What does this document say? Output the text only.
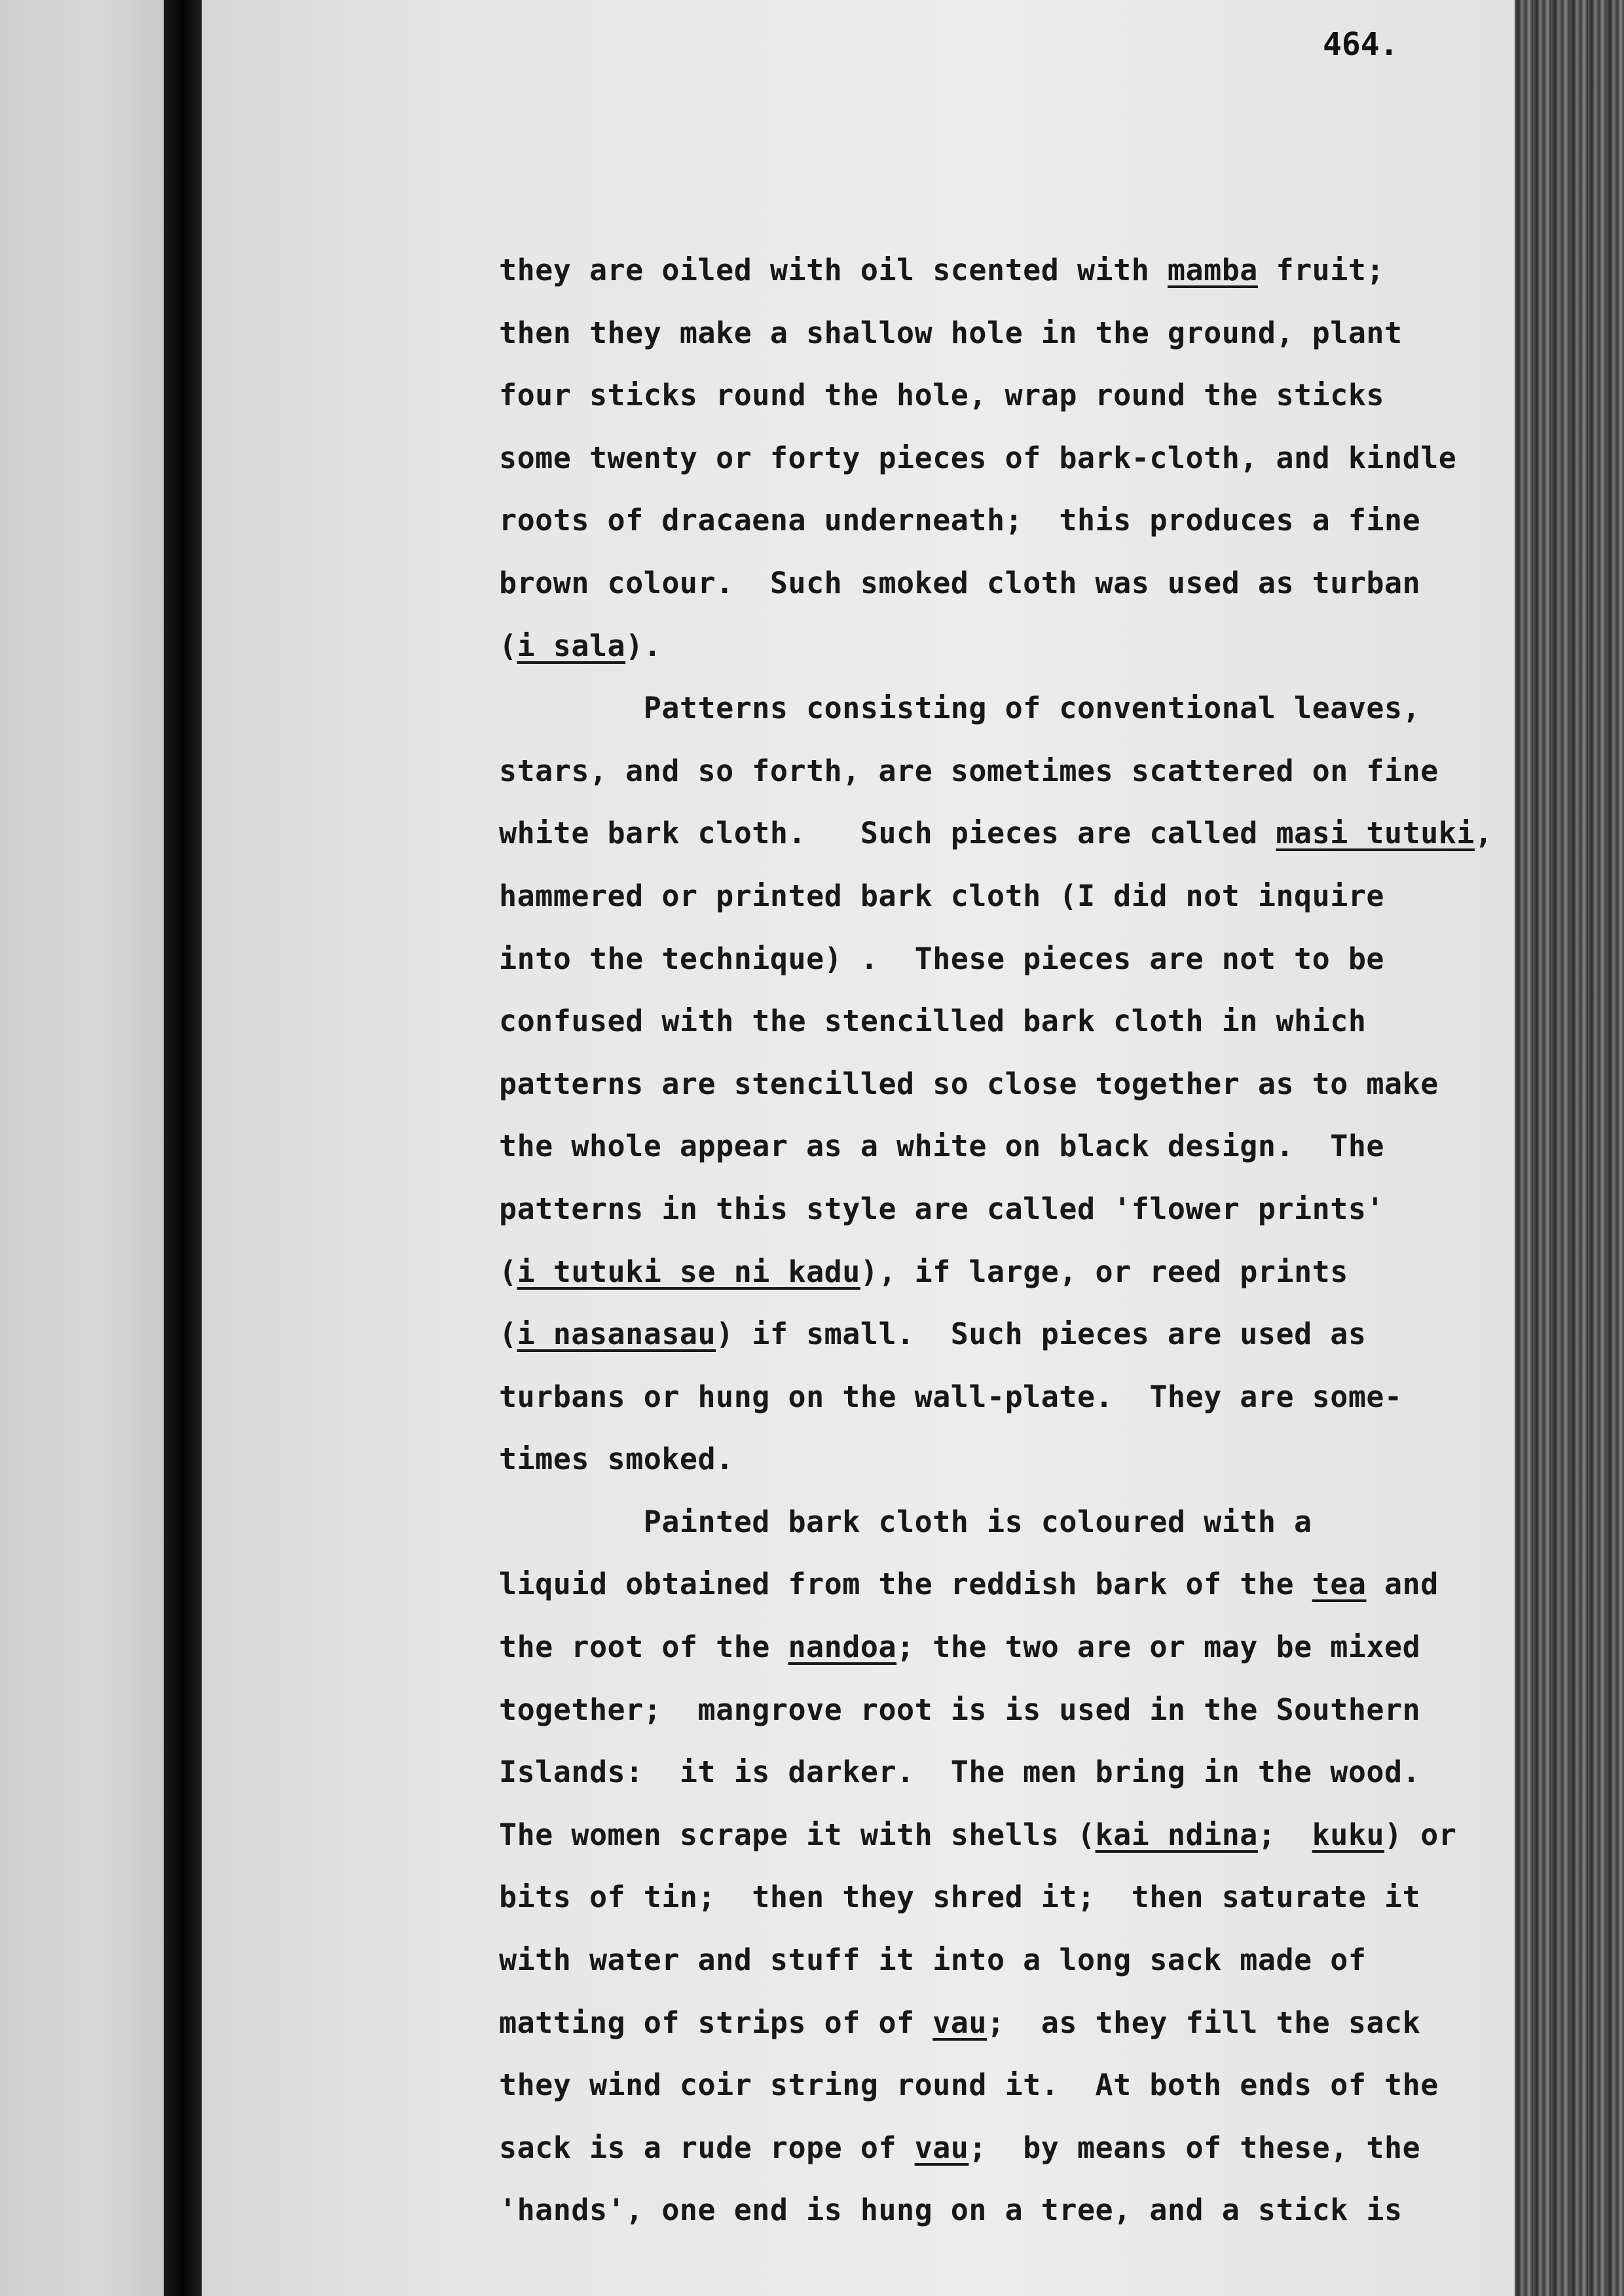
464.
they are oiled with oil scented with mamba fruit;
then they make a shallow hole in the ground, plant
four sticks round the hole, wrap round the sticks
some twenty or forty pieces of bark-cloth, and kindle
roots of dracaena underneath;  this produces a fine
brown colour.  Such smoked cloth was used as turban
(i sala).
Patterns consisting of conventional leaves,
stars, and so forth, are sometimes scattered on fine
white bark cloth.   Such pieces are called masi tutuki,
hammered or printed bark cloth (I did not inquire
into the technique) .  These pieces are not to be
confused with the stencilled bark cloth in which
patterns are stencilled so close together as to make
the whole appear as a white on black design.  The
patterns in this style are called 'flower prints'
(i tutuki se ni kadu), if large, or reed prints
(i nasanasau) if small.  Such pieces are used as
turbans or hung on the wall-plate.  They are some-
times smoked.
Painted bark cloth is coloured with a
liquid obtained from the reddish bark of the tea and
the root of the nandoa; the two are or may be mixed
together;  mangrove root is is used in the Southern
Islands:  it is darker.  The men bring in the wood.
The women scrape it with shells (kai ndina;  kuku) or
bits of tin;  then they shred it;  then saturate it
with water and stuff it into a long sack made of
matting of strips of of vau;  as they fill the sack
they wind coir string round it.  At both ends of the
sack is a rude rope of vau;  by means of these, the
'hands', one end is hung on a tree, and a stick is
